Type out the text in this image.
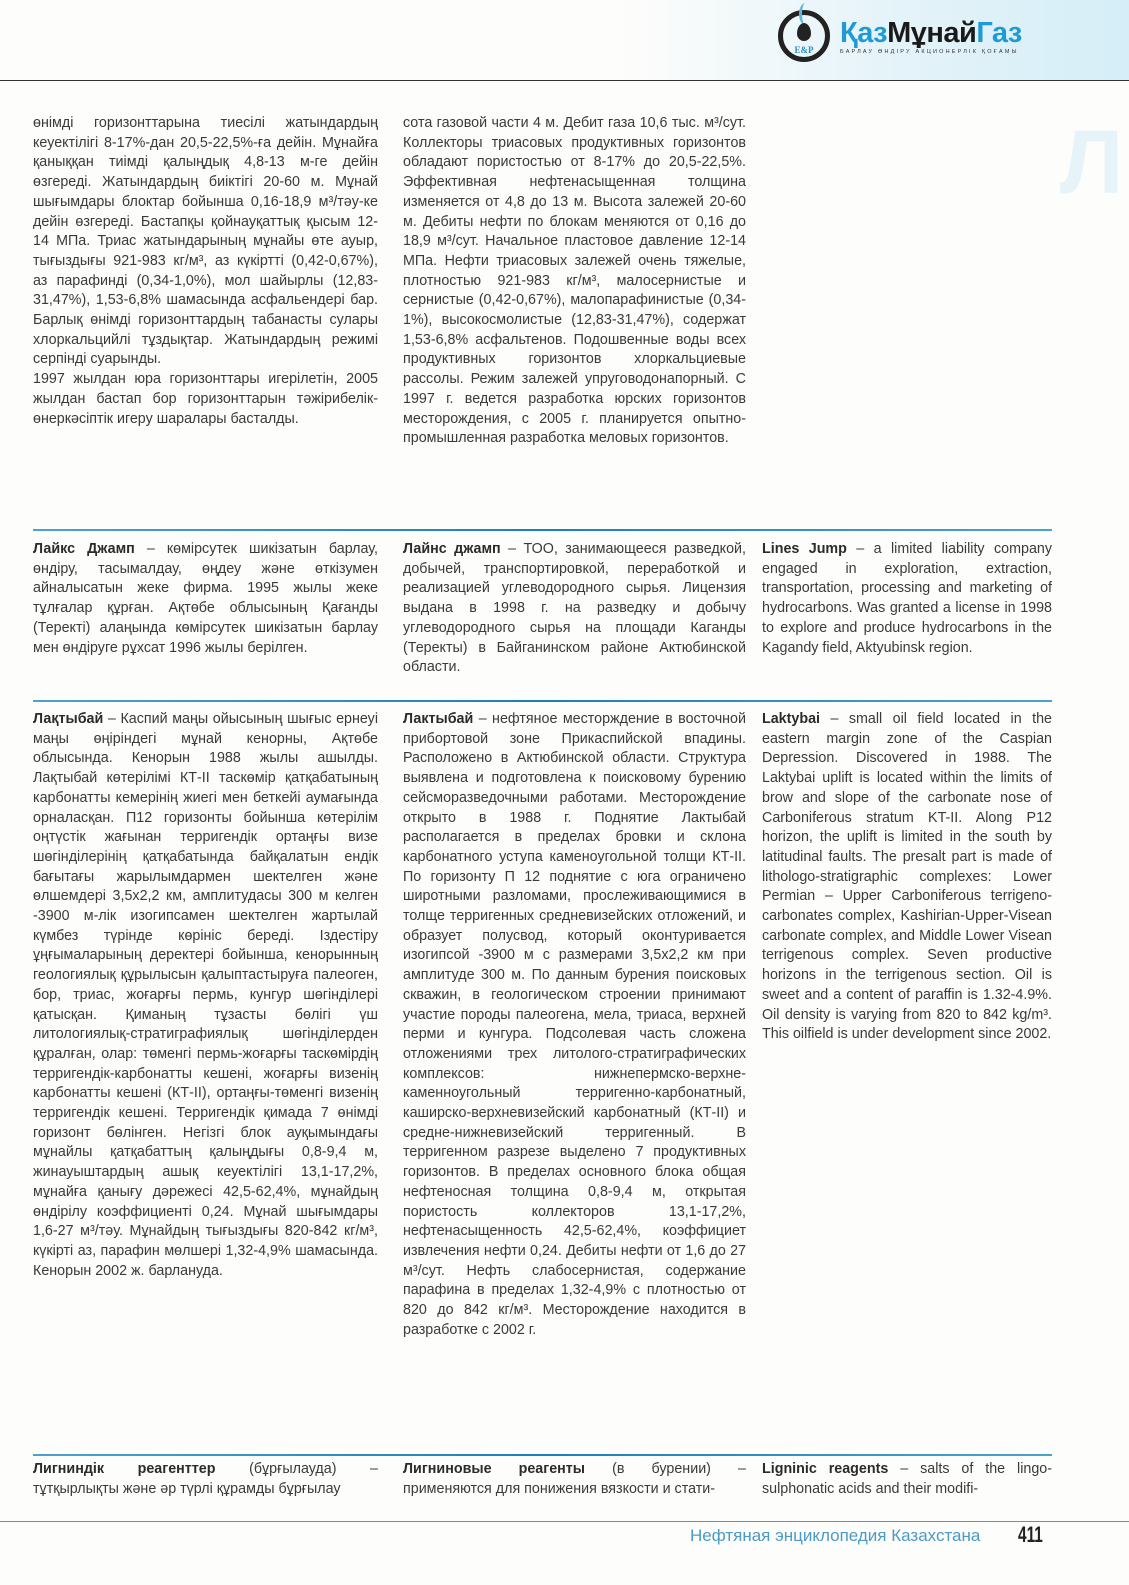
E&P
ҚазМұнайГаз
БАРЛАУ ӨНДІРУ АКЦИОНЕРЛІК ҚОҒАМЫ
Л

өнімді горизонттарына тиесілі жатындардың кеуектілігі 8-17%-дан 20,5-22,5%-ға дейін. Мұнайға қаныққан тиімді қалыңдық 4,8-13 м-ге дейін өзгереді. Жатындардың биіктігі 20-60 м. Мұнай шығымдары блоктар бойынша 0,16-18,9 м³/тәу-ке дейін өзгереді. Бастапқы қойнауқаттық қысым 12-14 МПа. Триас жатындарының мұнайы өте ауыр, тығыздығы 921-983 кг/м³, аз күкіртті (0,42-0,67%), аз парафинді (0,34-1,0%), мол шайырлы (12,83-31,47%), 1,53-6,8% шамасында асфальендері бар. Барлық өнімді горизонттардың табанасты сулары хлоркальцийлі тұздықтар. Жатындардың режимі серпінді суарынды.

1997 жылдан юра горизонттары игерілетін, 2005 жылдан бастап бор горизонттарын тәжірибелік-өнеркәсіптік игеру шаралары басталды.

сота газовой части 4 м. Дебит газа 10,6 тыс. м³/сут. Коллекторы триасовых продуктивных горизонтов обладают пористостью от 8-17% до 20,5-22,5%. Эффективная нефтенасыщенная толщина изменяется от 4,8 до 13 м. Высота залежей 20-60 м. Дебиты нефти по блокам меняются от 0,16 до 18,9 м³/сут. Начальное пластовое давление 12-14 МПа. Нефти триасовых залежей очень тяжелые, плотностью 921-983 кг/м³, малосернистые и сернистые (0,42-0,67%), малопарафинистые (0,34-1%), высокосмолистые (12,83-31,47%), содержат 1,53-6,8% асфальтенов. Подошвенные воды всех продуктивных горизонтов хлоркальциевые рассолы. Режим залежей упруговодонапорный. С 1997 г. ведется разработка юрских горизонтов месторождения, с 2005 г. планируется опытно-промышленная разработка меловых горизонтов.

Лайкс Джамп – көмірсутек шикізатын барлау, өндіру, тасымалдау, өңдеу және өткізумен айналысатын жеке фирма. 1995 жылы жеке тұлғалар құрған. Ақтөбе облысының Қағанды (Теректі) алаңында көмірсутек шикізатын барлау мен өндіруге рұхсат 1996 жылы берілген.

Лайнс джамп – ТОО, занимающееся разведкой, добычей, транспортировкой, переработкой и реализацией углеводородного сырья. Лицензия выдана в 1998 г. на разведку и добычу углеводородного сырья на площади Каганды (Теректы) в Байганинском районе Актюбинской области.

Lines Jump – a limited liability company engaged in exploration, extraction, transportation, processing and marketing of hydrocarbons. Was granted a license in 1998 to explore and produce hydrocarbons in the Kagandy field, Aktyubinsk region.

Лақтыбай – Каспий маңы ойысының шығыс ернеуі маңы өңіріндегі мұнай кенорны, Ақтөбе облысында. Кенорын 1988 жылы ашылды. Лақтыбай көтерілімі КТ-II таскөмір қатқабатының карбонатты кемерінің жиегі мен беткейі аумағында орналасқан. П12 горизонты бойынша көтерілім оңтүстік жағынан терригендік ортаңғы визе шөгінділерінің қатқабатында байқалатын ендік бағытағы жарылымдармен шектелген және өлшемдері 3,5х2,2 км, амплитудасы 300 м келген -3900 м-лік изогипсамен шектелген жартылай күмбез түрінде көрініс береді. Іздестіру ұңғымаларының деректері бойынша, кенорынның геологиялық құрылысын қалыптастыруға палеоген, бор, триас, жоғарғы пермь, кунгур шөгінділері қатысқан. Қиманың тұзасты бөлігі үш литологиялық-стратиграфиялық шөгінділерден құралған, олар: төменгі пермь-жоғарғы таскөмірдің терригендік-карбонатты кешені, жоғарғы визенің карбонатты кешені (КТ-II), ортаңғы-төменгі визенің терригендік кешені. Терригендік қимада 7 өнімді горизонт бөлінген. Негізгі блок ауқымындағы мұнайлы қатқабаттың қалыңдығы 0,8-9,4 м, жинауыштардың ашық кеуектілігі 13,1-17,2%, мұнайға қанығу дәрежесі 42,5-62,4%, мұнайдың өндірілу коэффициенті 0,24. Мұнай шығымдары 1,6-27 м³/тәу. Мұнайдың тығыздығы 820-842 кг/м³, күкірті аз, парафин мөлшері 1,32-4,9% шамасында. Кенорын 2002 ж. барлануда.

Лактыбай – нефтяное месторждение в восточной прибортовой зоне Прикаспийской впадины. Расположено в Актюбинской области. Структура выявлена и подготовлена к поисковому бурению сейсморазведочными работами. Месторождение открыто в 1988 г. Поднятие Лактыбай располагается в пределах бровки и склона карбонатного уступа каменоугольной толщи КТ-II. По горизонту П 12 поднятие с юга ограничено широтными разломами, прослеживающимися в толще терригенных средневизейских отложений, и образует полусвод, который оконтуривается изогипсой -3900 м с размерами 3,5х2,2 км при амплитуде 300 м. По данным бурения поисковых скважин, в геологическом строении принимают участие породы палеогена, мела, триаса, верхней перми и кунгура. Подсолевая часть сложена отложениями трех литолого-стратиграфических комплексов: нижнепермско-верхне- каменноугольный терригенно-карбонатный, каширско-верхневизейский карбонатный (КТ-II) и средне-нижневизейский терригенный. В терригенном разрезе выделено 7 продуктивных горизонтов. В пределах основного блока общая нефтеносная толщина 0,8-9,4 м, открытая пористость коллекторов 13,1-17,2%, нефтенасыщенность 42,5-62,4%, коэффициет извлечения нефти 0,24. Дебиты нефти от 1,6 до 27 м³/сут. Нефть слабосернистая, содержание парафина в пределах 1,32-4,9% с плотностью от 820 до 842 кг/м³. Месторождение находится в разработке с 2002 г.

Laktybai – small oil field located in the eastern margin zone of the Caspian Depression. Discovered in 1988. The Laktybai uplift is located within the limits of brow and slope of the carbonate nose of Carboniferous stratum KT-II. Along P12 horizon, the uplift is limited in the south by latitudinal faults. The presalt part is made of lithologo-stratigraphic complexes: Lower Permian – Upper Carboniferous terrigeno-carbonates complex, Kashirian-Upper-Visean carbonate complex, and Middle Lower Visean terrigenous complex. Seven productive horizons in the terrigenous section. Oil is sweet and a content of paraffin is 1.32-4.9%. Oil density is varying from 820 to 842 kg/m³. This oilfield is under development since 2002.

Лигниндік реагенттер (бұрғылауда) – тұтқырлықты және әр түрлі құрамды бұрғылау

Лигниновые реагенты (в бурении) – применяются для понижения вязкости и стати-

Ligninic reagents – salts of the lingo-sulphonatic acids and their modifi-

Нефтяная энциклопедия Казахстана 411
